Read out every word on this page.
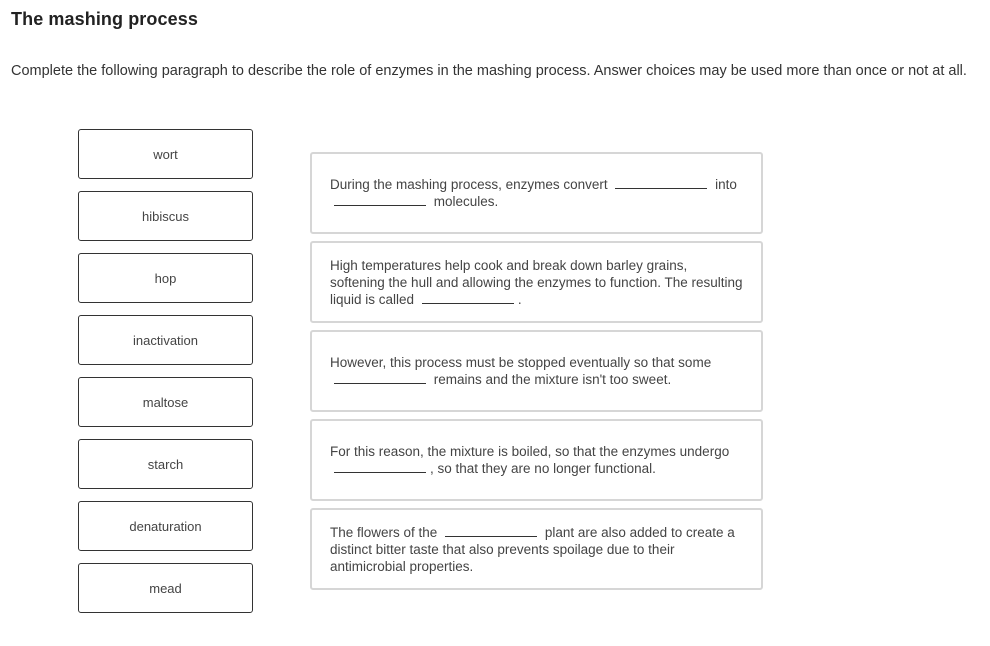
The mashing process
Complete the following paragraph to describe the role of enzymes in the mashing process. Answer choices may be used more than once or not at all.
wort
hibiscus
hop
inactivation
maltose
starch
denaturation
mead
During the mashing process, enzymes convert	into  molecules.
High temperatures help cook and break down barley grains, softening the hull and allowing the enzymes to function. The resulting liquid is called	.
However, this process must be stopped eventually so that some  remains and the mixture isn't too sweet.
For this reason, the mixture is boiled, so that the enzymes undergo , so that they are no longer functional.
The flowers of the	plant are also added to create a distinct bitter taste that also prevents spoilage due to their antimicrobial properties.
